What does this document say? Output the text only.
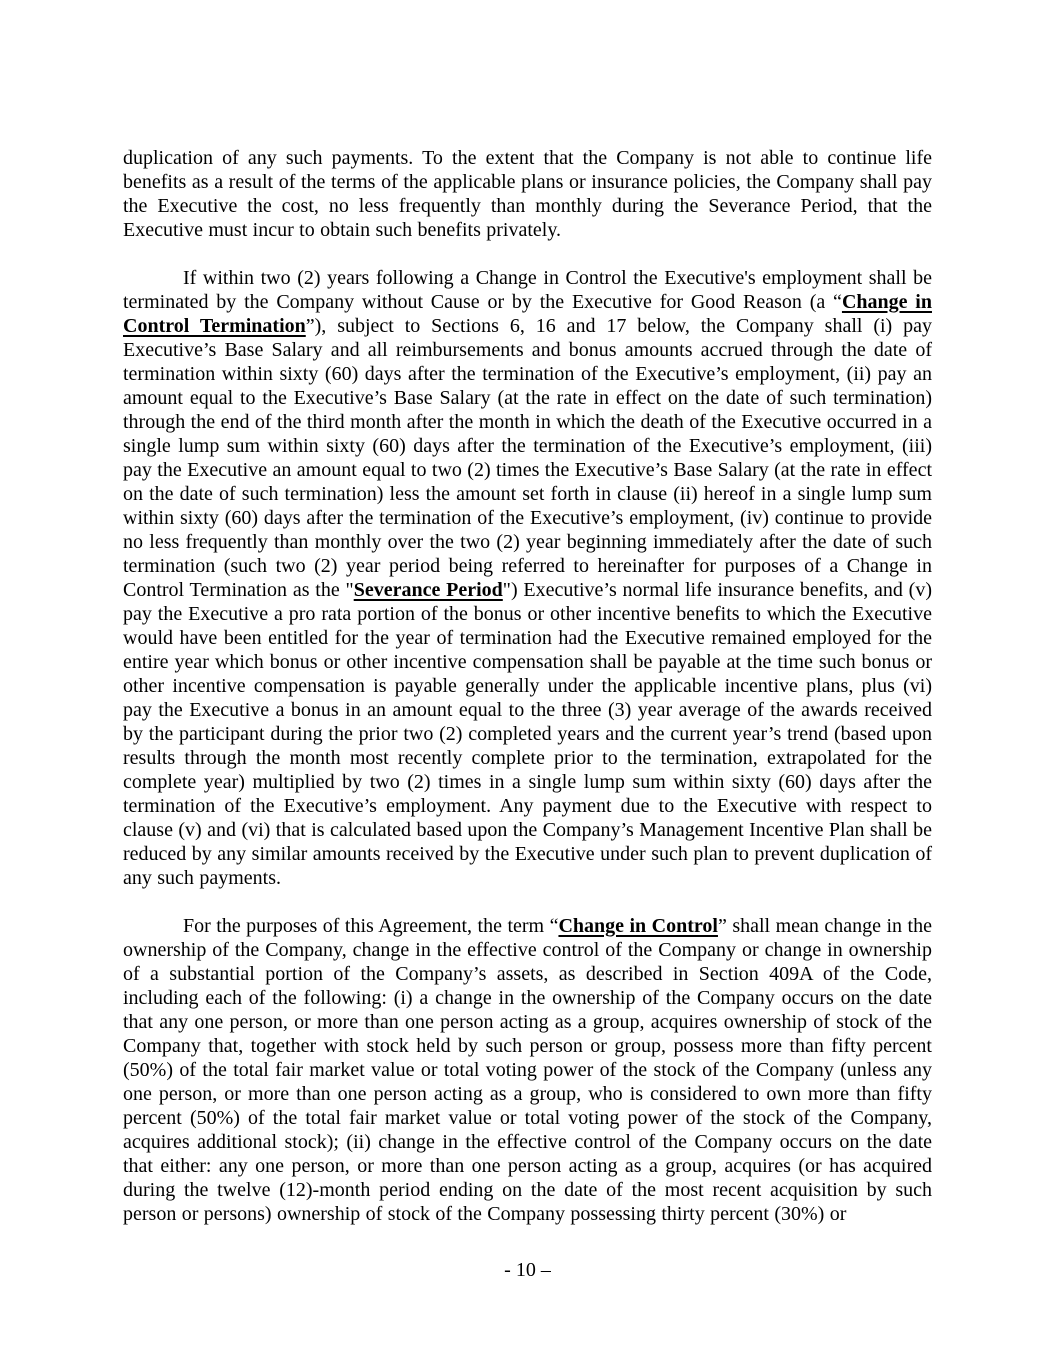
duplication of any such payments. To the extent that the Company is not able to continue life benefits as a result of the terms of the applicable plans or insurance policies, the Company shall pay the Executive the cost, no less frequently than monthly during the Severance Period, that the Executive must incur to obtain such benefits privately.

If within two (2) years following a Change in Control the Executive's employment shall be terminated by the Company without Cause or by the Executive for Good Reason (a “Change in Control Termination”), subject to Sections 6, 16 and 17 below, the Company shall (i) pay Executive’s Base Salary and all reimbursements and bonus amounts accrued through the date of termination within sixty (60) days after the termination of the Executive’s employment, (ii) pay an amount equal to the Executive’s Base Salary (at the rate in effect on the date of such termination) through the end of the third month after the month in which the death of the Executive occurred in a single lump sum within sixty (60) days after the termination of the Executive’s employment, (iii) pay the Executive an amount equal to two (2) times the Executive’s Base Salary (at the rate in effect on the date of such termination) less the amount set forth in clause (ii) hereof in a single lump sum within sixty (60) days after the termination of the Executive’s employment, (iv) continue to provide no less frequently than monthly over the two (2) year beginning immediately after the date of such termination (such two (2) year period being referred to hereinafter for purposes of a Change in Control Termination as the "Severance Period") Executive’s normal life insurance benefits, and (v) pay the Executive a pro rata portion of the bonus or other incentive benefits to which the Executive would have been entitled for the year of termination had the Executive remained employed for the entire year which bonus or other incentive compensation shall be payable at the time such bonus or other incentive compensation is payable generally under the applicable incentive plans, plus (vi) pay the Executive a bonus in an amount equal to the three (3) year average of the awards received by the participant during the prior two (2) completed years and the current year’s trend (based upon results through the month most recently complete prior to the termination, extrapolated for the complete year) multiplied by two (2) times in a single lump sum within sixty (60) days after the termination of the Executive’s employment. Any payment due to the Executive with respect to clause (v) and (vi) that is calculated based upon the Company’s Management Incentive Plan shall be reduced by any similar amounts received by the Executive under such plan to prevent duplication of any such payments.

For the purposes of this Agreement, the term “Change in Control” shall mean change in the ownership of the Company, change in the effective control of the Company or change in ownership of a substantial portion of the Company’s assets, as described in Section 409A of the Code, including each of the following: (i) a change in the ownership of the Company occurs on the date that any one person, or more than one person acting as a group, acquires ownership of stock of the Company that, together with stock held by such person or group, possess more than fifty percent (50%) of the total fair market value or total voting power of the stock of the Company (unless any one person, or more than one person acting as a group, who is considered to own more than fifty percent (50%) of the total fair market value or total voting power of the stock of the Company, acquires additional stock); (ii) change in the effective control of the Company occurs on the date that either: any one person, or more than one person acting as a group, acquires (or has acquired during the twelve (12)-month period ending on the date of the most recent acquisition by such person or persons) ownership of stock of the Company possessing thirty percent (30%) or

- 10 –
